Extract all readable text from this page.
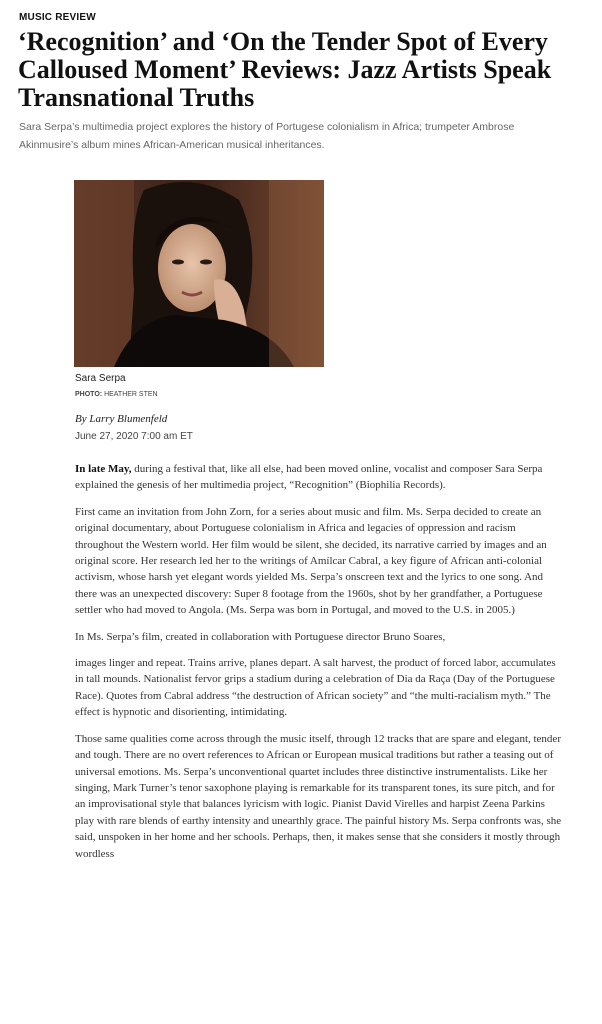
MUSIC REVIEW
‘Recognition’ and ‘On the Tender Spot of Every Calloused Moment’ Reviews: Jazz Artists Speak Transnational Truths
Sara Serpa’s multimedia project explores the history of Portugese colonialism in Africa; trumpeter Ambrose Akinmusire’s album mines African-American musical inheritances.
Sara Serpa
PHOTO: HEATHER STEN
By Larry Blumenfeld
June 27, 2020 7:00 am ET

In late May, during a festival that, like all else, had been moved online, vocalist and composer Sara Serpa explained the genesis of her multimedia project, “Recognition” (Biophilia Records).

First came an invitation from John Zorn, for a series about music and film. Ms. Serpa decided to create an original documentary, about Portuguese colonialism in Africa and legacies of oppression and racism throughout the Western world. Her film would be silent, she decided, its narrative carried by images and an original score. Her research led her to the writings of Amílcar Cabral, a key figure of African anti-colonial activism, whose harsh yet elegant words yielded Ms. Serpa’s onscreen text and the lyrics to one song. And there was an unexpected discovery: Super 8 footage from the 1960s, shot by her grandfather, a Portuguese settler who had moved to Angola. (Ms. Serpa was born in Portugal, and moved to the U.S. in 2005.)

In Ms. Serpa’s film, created in collaboration with Portuguese director Bruno Soares,

images linger and repeat. Trains arrive, planes depart. A salt harvest, the product of forced labor, accumulates in tall mounds. Nationalist fervor grips a stadium during a celebration of Dia da Raça (Day of the Portuguese Race). Quotes from Cabral address “the destruction of African society” and “the multi-racialism myth.” The effect is hypnotic and disorienting, intimidating.

Those same qualities come across through the music itself, through 12 tracks that are spare and elegant, tender and tough. There are no overt references to African or European musical traditions but rather a teasing out of universal emotions. Ms. Serpa’s unconventional quartet includes three distinctive instrumentalists. Like her singing, Mark Turner’s tenor saxophone playing is remarkable for its transparent tones, its sure pitch, and for an improvisational style that balances lyricism with logic. Pianist David Virelles and harpist Zeena Parkins play with rare blends of earthy intensity and unearthly grace. The painful history Ms. Serpa confronts was, she said, unspoken in her home and her schools. Perhaps, then, it makes sense that she considers it mostly through wordless
